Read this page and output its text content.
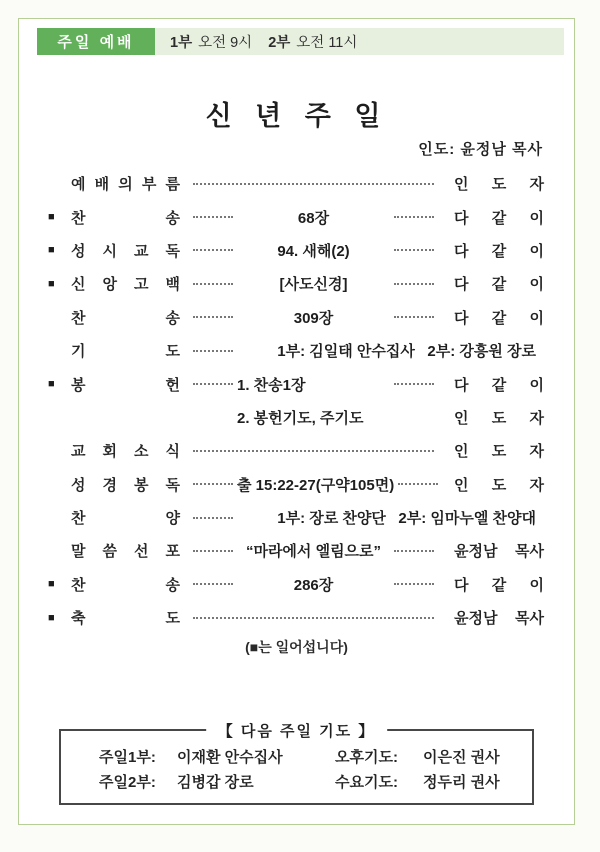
주일 예배	1부 오전 9시 2부 오전 11시
신 년 주 일
인도: 윤정남 목사
예 배 의 부 름	인 도 자
■	찬 송	68장	다 같 이
■	성 시 교 독	94. 새해(2)	다 같 이
■	신 앙 고 백	[사도신경]	다 같 이
찬 송	309장	다 같 이
기 도	1부: 김일태 안수집사   2부: 강흥원 장로
■	봉 헌	1. 찬송1장	다 같 이
2. 봉헌기도, 주기도	인 도 자
교 회 소 식	인 도 자
성 경 봉 독	출 15:22-27(구약105면)	인 도 자
찬 양	1부: 장로 찬양단   2부: 임마누엘 찬양대
말 씀 선 포	“마라에서 엘림으로”	윤정남 목사
■	찬 송	286장	다 같 이
■	축 도	윤정남 목사
(■는 일어섭니다)
【 다음 주일 기도 】
주일1부:	이재환 안수집사	오후기도:	이은진 권사
주일2부:	김병갑 장로	수요기도:	정두리 권사
